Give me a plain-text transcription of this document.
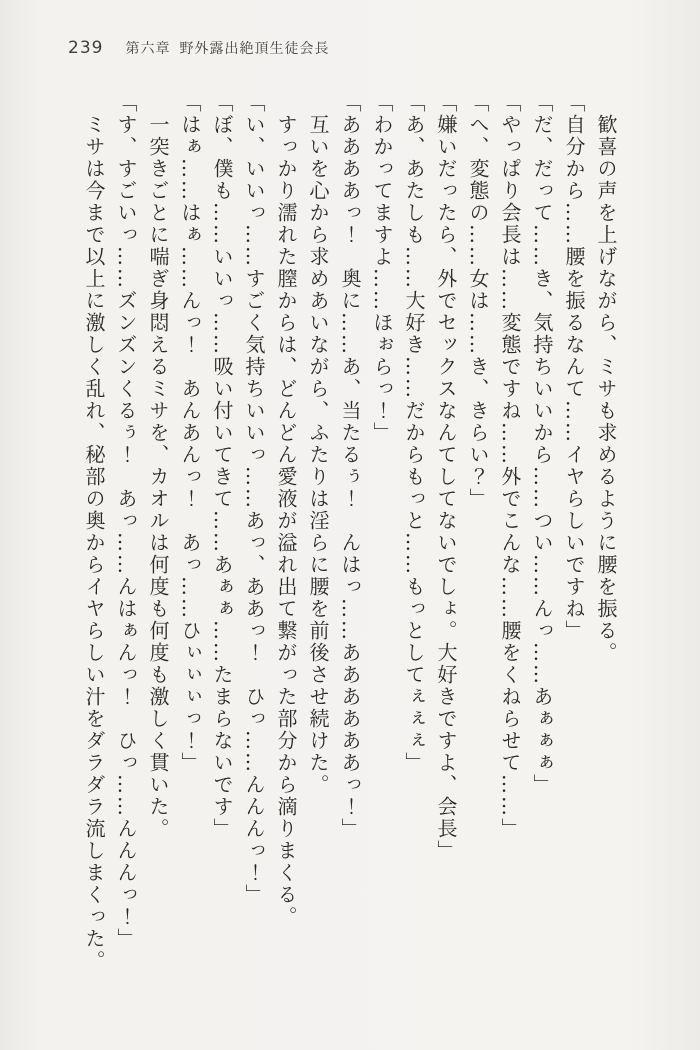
239 第六章 野外露出絶頂生徒会長

　歓喜の声を上げながら、ミサも求めるように腰を振る。

「自分から……腰を振るなんて……イヤらしいですね」

「だ、だって……き、気持ちいいから……つい……んっ……あぁぁぁ」

「やっぱり会長は……変態ですね……外でこんな……腰をくねらせて……」

「へ、変態の……女は……き、きらい？」

「嫌いだったら、外でセックスなんてしてないでしょ。大好きですよ、会長」

「あ、あたしも……大好き……だからもっと……もっとしてぇぇぇ」

「わかってますよ……ほぉらっ！」

「ああああっ！　奥に……あ、当たるぅ！　んはっ……ああああああっ！」

　互いを心から求めあいながら、ふたりは淫らに腰を前後させ続けた。

　すっかり濡れた膣からは、どんどん愛液が溢れ出て繋がった部分から滴りまくる。

「い、いいっ……すごく気持ちいいっ……あっ、ああっ！　ひっ……んんんっ！」

「ぼ、僕も……いいっ……吸い付いてきて……あぁぁ……たまらないです」

「はぁ……はぁ……んっ！　あんあんっ！　あっ……ひぃぃぃっ！」

　一突きごとに喘ぎ身悶えるミサを、カオルは何度も何度も激しく貫いた。

「す、すごいっ……ズンズンくるぅ！　あっ……んはぁんっ！　ひっ……んんんっ！」

　ミサは今まで以上に激しく乱れ、秘部の奥からイヤらしい汁をダラダラ流しまくった。
